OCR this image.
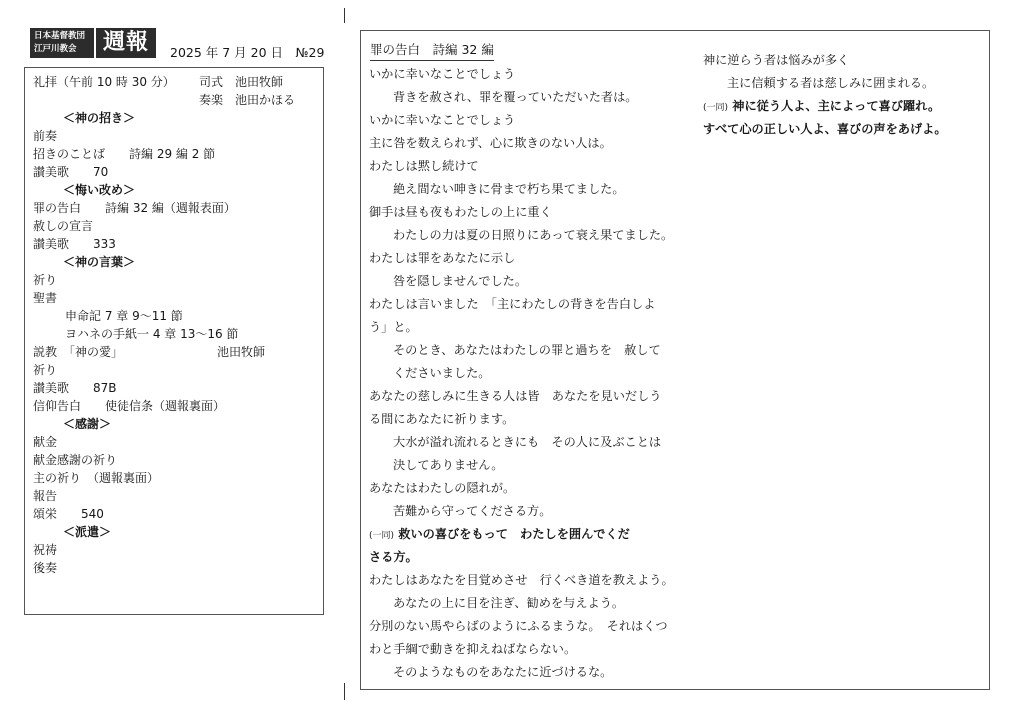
日本基督教団
江戸川教会	週報	2025 年 7 月 20 日　№29
礼拝（午前 10 時 30 分） 司式　池田牧師
奏楽　池田かほる
＜神の招き＞
前奏
招きのことば　　詩編 29 編 2 節
讃美歌　　70
＜悔い改め＞
罪の告白　　詩編 32 編（週報表面）
赦しの宣言
讃美歌　　333
＜神の言葉＞
祈り
聖書
申命記 7 章 9～11 節
ヨハネの手紙一 4 章 13～16 節
説教　「神の愛」	池田牧師
祈り
讃美歌　　87B
信仰告白　　使徒信条（週報裏面）
＜感謝＞
献金
献金感謝の祈り
主の祈り　（週報裏面）
報告
頌栄　　540
＜派遣＞
祝祷
後奏
罪の告白　詩編 32 編
いかに幸いなことでしょう
背きを赦され、罪を覆っていただいた者は。
いかに幸いなことでしょう
主に咎を数えられず、心に欺きのない人は。
わたしは黙し続けて
絶え間ない呻きに骨まで朽ち果てました。
御手は昼も夜もわたしの上に重く
わたしの力は夏の日照りにあって衰え果てました。
わたしは罪をあなたに示し
咎を隠しませんでした。
わたしは言いました　「主にわたしの背きを告白しよ
う」と。
そのとき、あなたはわたしの罪と過ちを　赦して
くださいました。
あなたの慈しみに生きる人は皆　あなたを見いだしう
る間にあなたに祈ります。
大水が溢れ流れるときにも　その人に及ぶことは
決してありません。
あなたはわたしの隠れが。
苦難から守ってくださる方。
(一同) 救いの喜びをもって　わたしを囲んでくだ
さる方。
わたしはあなたを目覚めさせ　行くべき道を教えよう。
あなたの上に目を注ぎ、勧めを与えよう。
分別のない馬やらばのようにふるまうな。　それはくつ
わと手綱で動きを抑えねばならない。
そのようなものをあなたに近づけるな。
神に逆らう者は悩みが多く
主に信頼する者は慈しみに囲まれる。
(一同) 神に従う人よ、主によって喜び躍れ。
すべて心の正しい人よ、喜びの声をあげよ。
